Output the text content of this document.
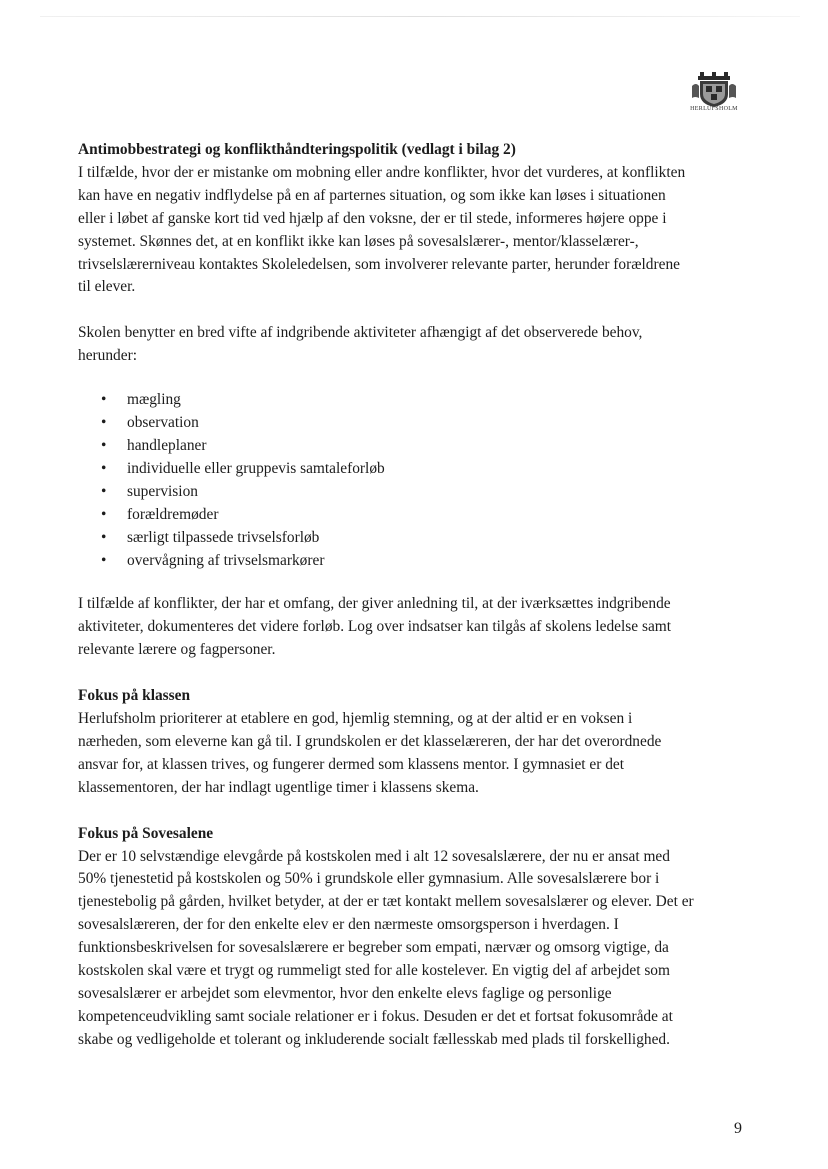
HERLUFSHOLM

Antimobbestrategi og konflikthåndteringspolitik (vedlagt i bilag 2)

I tilfælde, hvor der er mistanke om mobning eller andre konflikter, hvor det vurderes, at konflikten

kan have en negativ indflydelse på en af parternes situation, og som ikke kan løses i situationen

eller i løbet af ganske kort tid ved hjælp af den voksne, der er til stede, informeres højere oppe i

systemet. Skønnes det, at en konflikt ikke kan løses på sovesalslærer-, mentor/klasselærer-,

trivselslærerniveau kontaktes Skoleledelsen, som involverer relevante parter, herunder forældrene

til elever.

Skolen benytter en bred vifte af indgribende aktiviteter afhængigt af det observerede behov,

herunder:

• mægling
• observation
• handleplaner
• individuelle eller gruppevis samtaleforløb
• supervision
• forældremøder
• særligt tilpassede trivselsforløb
• overvågning af trivselsmarkører

I tilfælde af konflikter, der har et omfang, der giver anledning til, at der iværksættes indgribende

aktiviteter, dokumenteres det videre forløb. Log over indsatser kan tilgås af skolens ledelse samt

relevante lærere og fagpersoner.

Fokus på klassen

Herlufsholm prioriterer at etablere en god, hjemlig stemning, og at der altid er en voksen i

nærheden, som eleverne kan gå til. I grundskolen er det klasselæreren, der har det overordnede

ansvar for, at klassen trives, og fungerer dermed som klassens mentor. I gymnasiet er det

klassementoren, der har indlagt ugentlige timer i klassens skema.

Fokus på Sovesalene

Der er 10 selvstændige elevgårde på kostskolen med i alt 12 sovesalslærere, der nu er ansat med

50% tjenestetid på kostskolen og 50% i grundskole eller gymnasium. Alle sovesalslærere bor i

tjenestebolig på gården, hvilket betyder, at der er tæt kontakt mellem sovesalslærer og elever. Det er

sovesalslæreren, der for den enkelte elev er den nærmeste omsorgsperson i hverdagen. I

funktionsbeskrivelsen for sovesalslærere er begreber som empati, nærvær og omsorg vigtige, da

kostskolen skal være et trygt og rummeligt sted for alle kostelever. En vigtig del af arbejdet som

sovesalslærer er arbejdet som elevmentor, hvor den enkelte elevs faglige og personlige

kompetenceudvikling samt sociale relationer er i fokus. Desuden er det et fortsat fokusområde at

skabe og vedligeholde et tolerant og inkluderende socialt fællesskab med plads til forskellighed.

9
